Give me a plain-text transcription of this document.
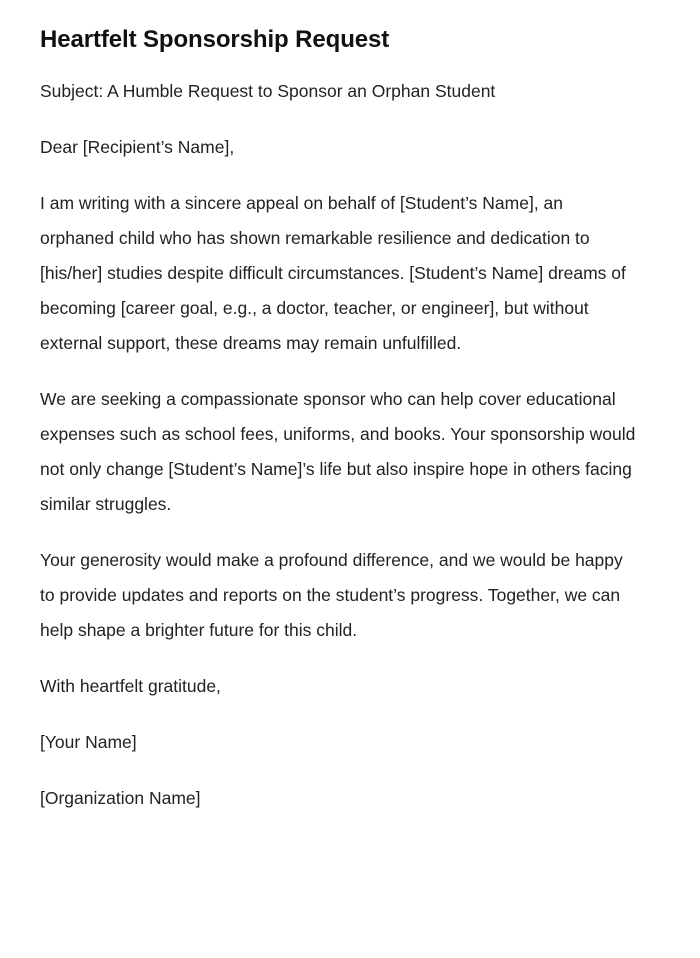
Heartfelt Sponsorship Request

Subject: A Humble Request to Sponsor an Orphan Student

Dear [Recipient’s Name],

I am writing with a sincere appeal on behalf of [Student’s Name], an orphaned child who has shown remarkable resilience and dedication to [his/her] studies despite difficult circumstances. [Student’s Name] dreams of becoming [career goal, e.g., a doctor, teacher, or engineer], but without external support, these dreams may remain unfulfilled.

We are seeking a compassionate sponsor who can help cover educational expenses such as school fees, uniforms, and books. Your sponsorship would not only change [Student’s Name]’s life but also inspire hope in others facing similar struggles.

Your generosity would make a profound difference, and we would be happy to provide updates and reports on the student’s progress. Together, we can help shape a brighter future for this child.

With heartfelt gratitude,

[Your Name]

[Organization Name]
